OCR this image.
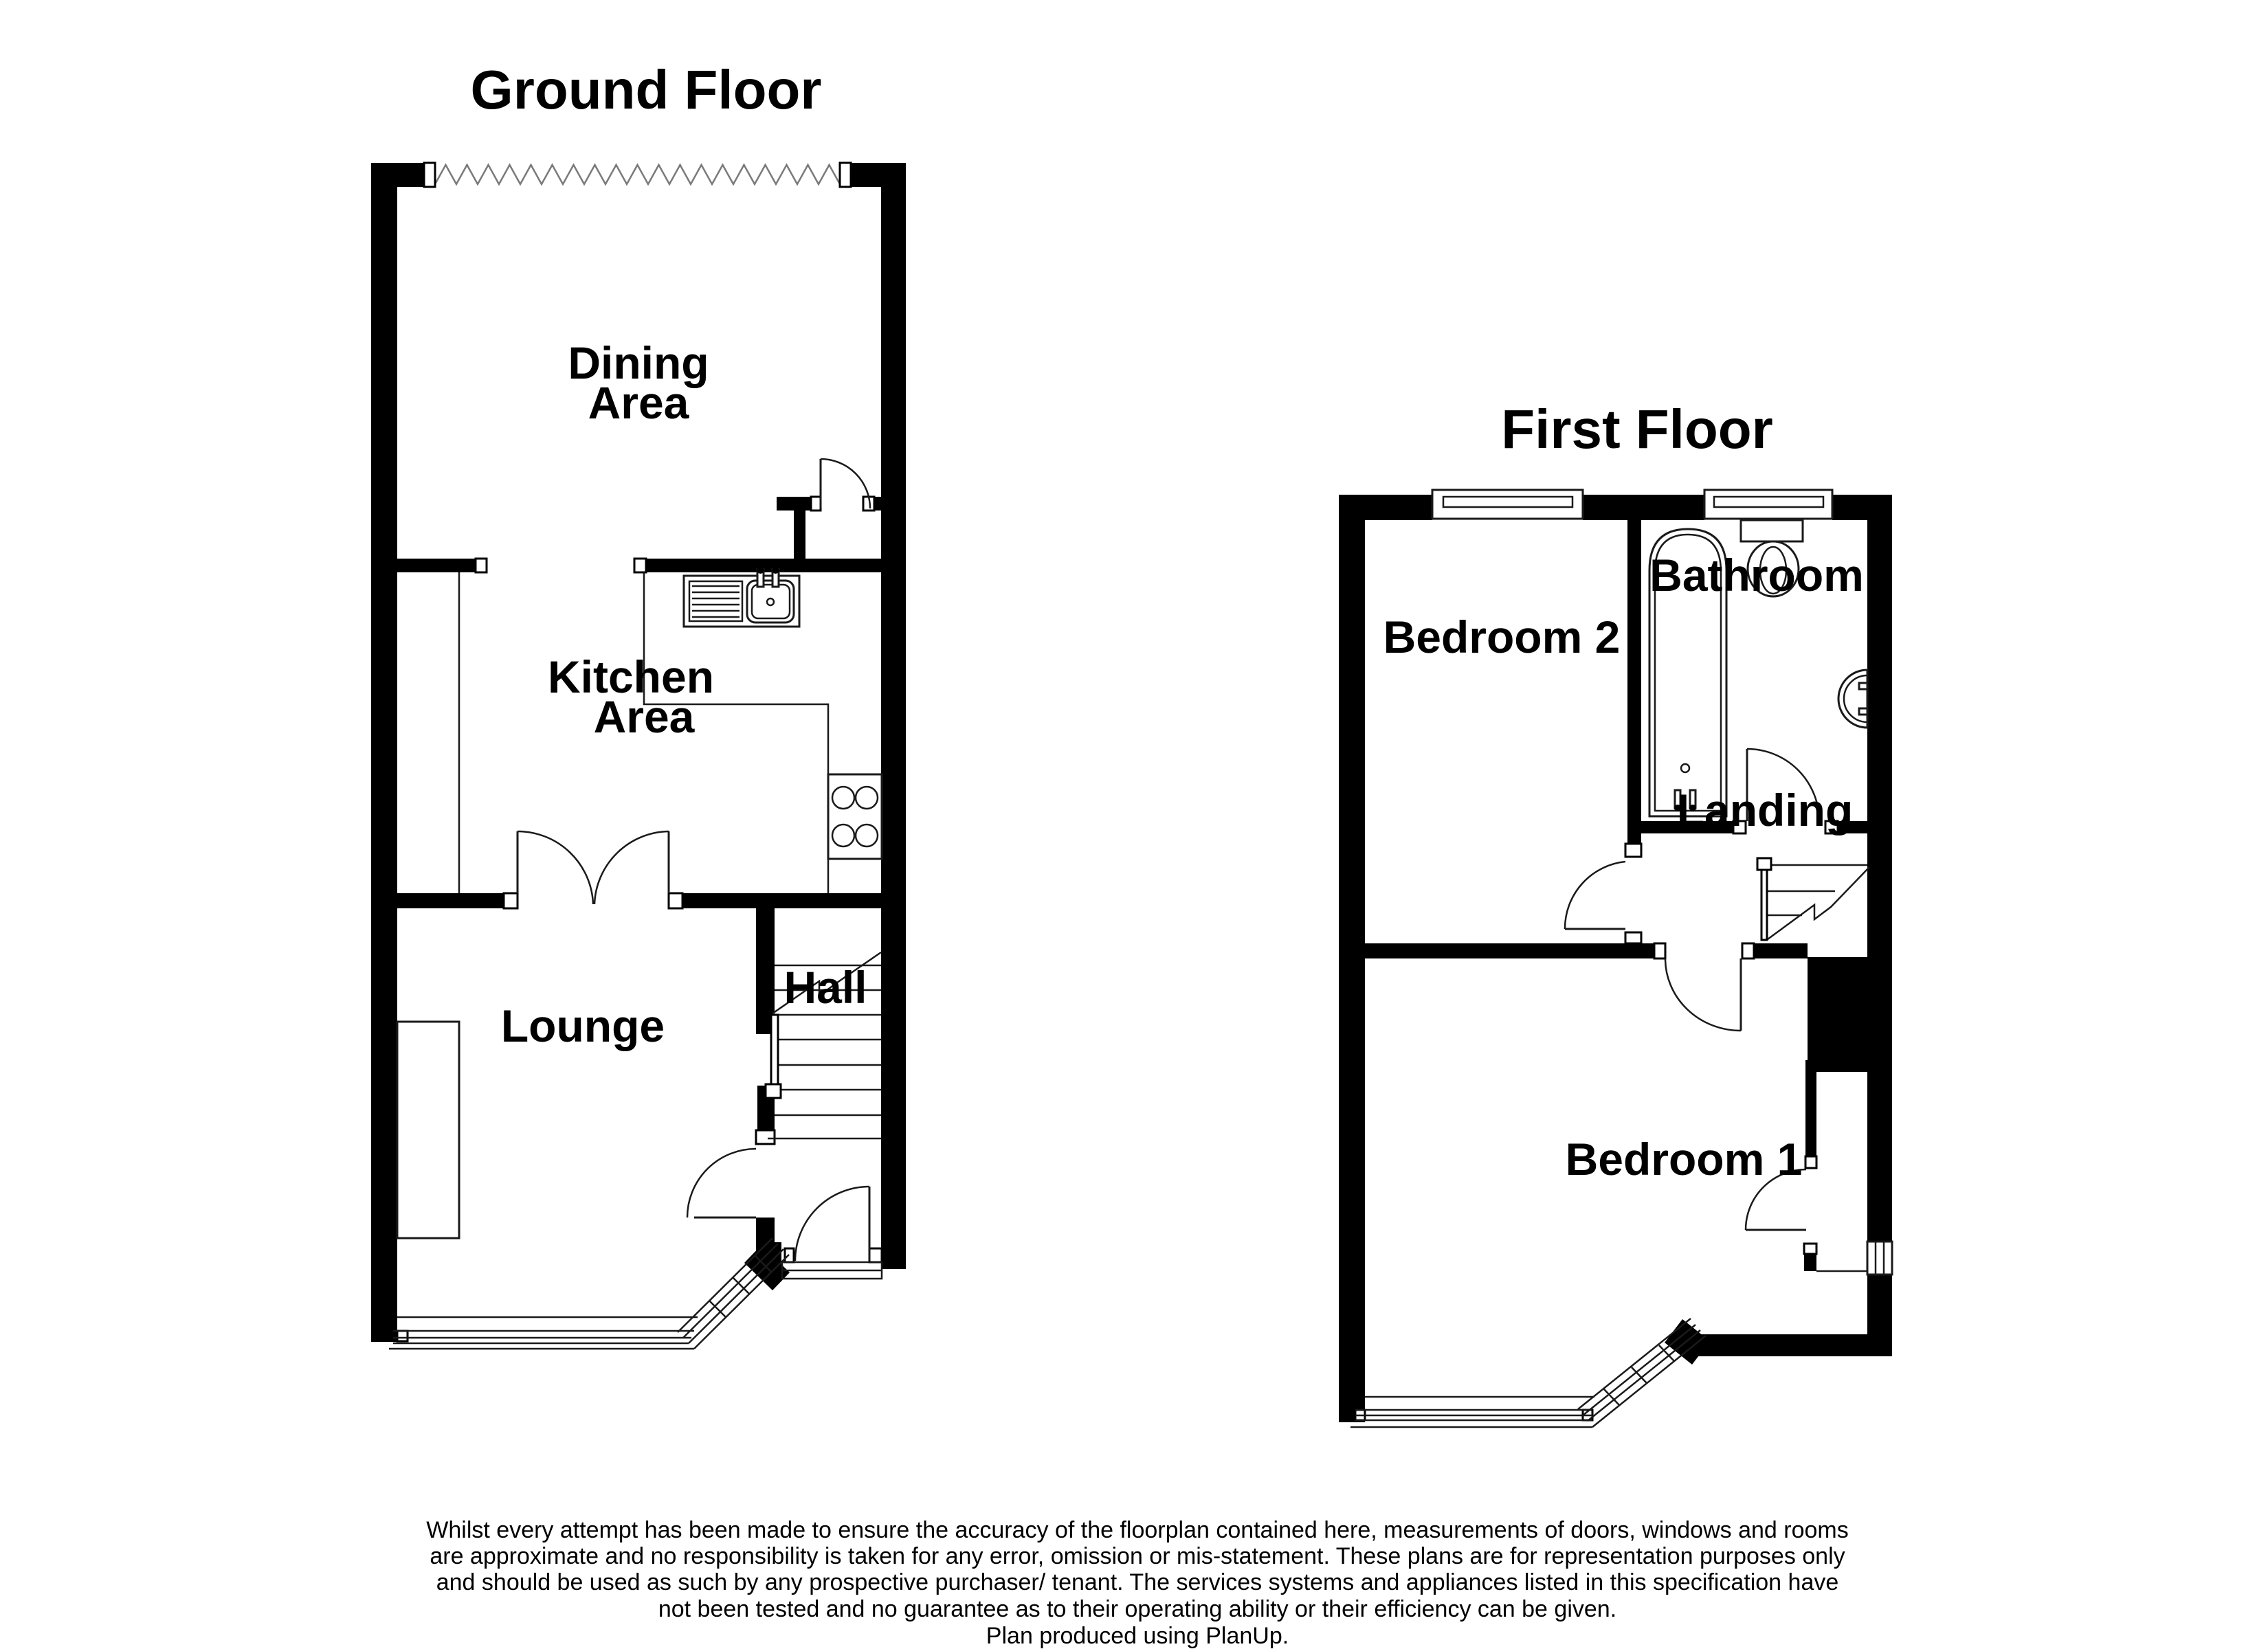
Ground Floor
Dining
Area
Kitchen
Area
Lounge
Hall
First Floor
Bedroom 2
Bathroom
Landing
Bedroom 1
Whilst every attempt has been made to ensure the accuracy of the floorplan contained here, measurements of doors, windows and rooms
are approximate and no responsibility is taken for any error, omission or mis-statement. These plans are for representation purposes only
and should be used as such by any prospective purchaser/ tenant. The services systems and appliances listed in this specification have
not been tested and no guarantee as to their operating ability or their efficiency can be given.
Plan produced using PlanUp.
